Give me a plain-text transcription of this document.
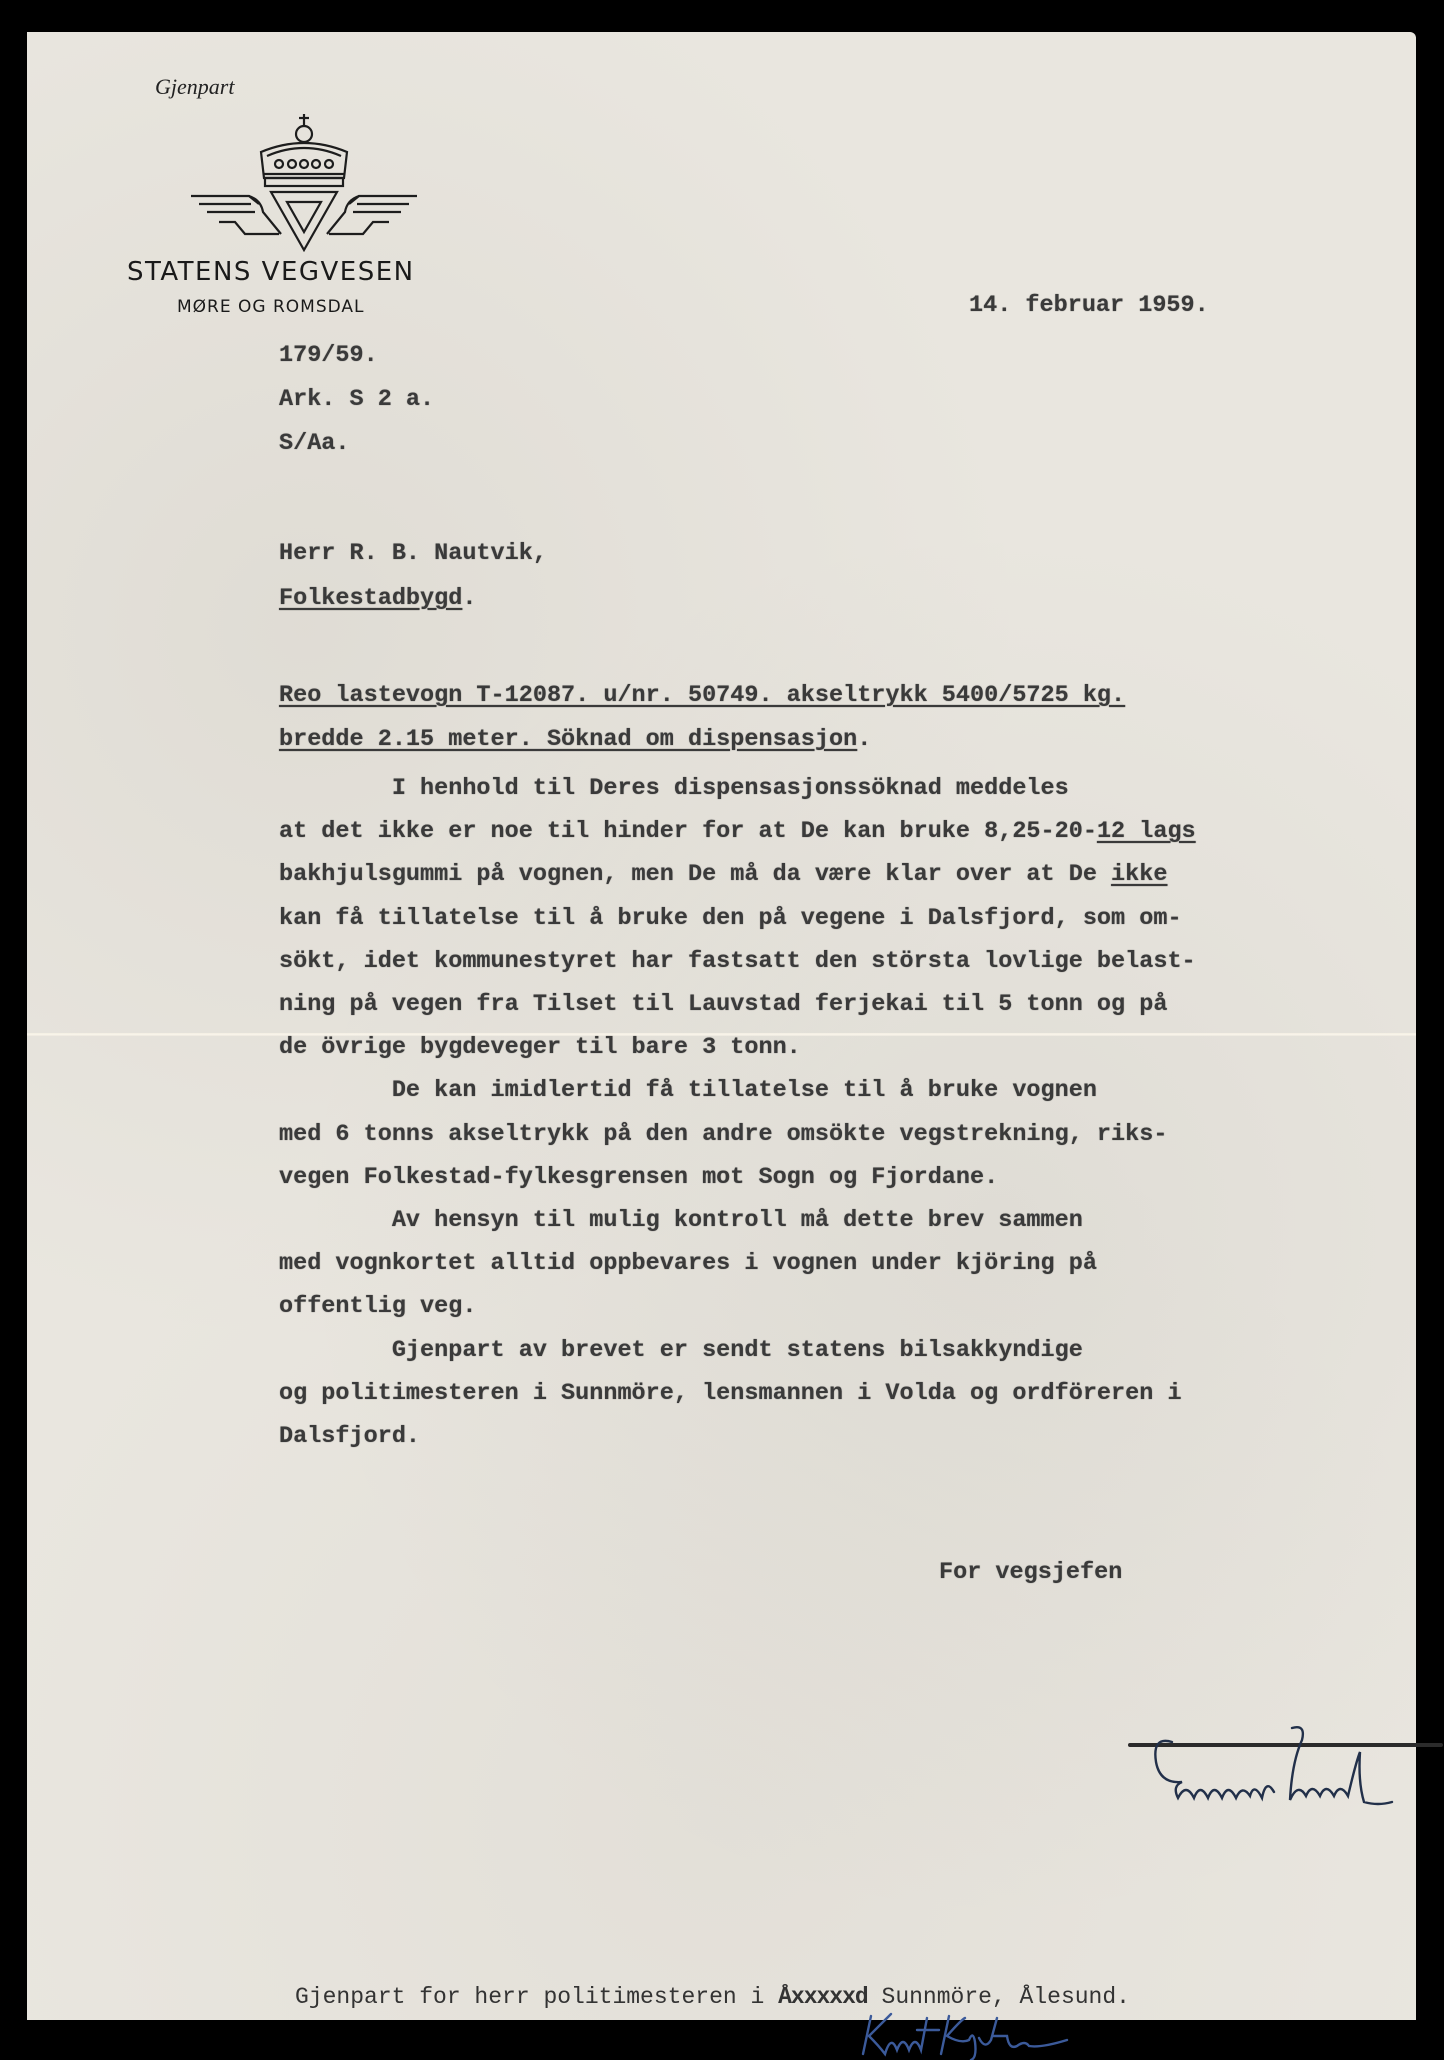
Gjenpart
STATENS VEGVESEN
MØRE OG ROMSDAL	14. februar 1959.
179/59.
Ark. S 2 a.
S/Aa.
Herr R. B. Nautvik,
Folkestadbygd.
Reo lastevogn T-12087. u/nr. 50749. akseltrykk 5400/5725 kg.
bredde 2.15 meter. Söknad om dispensasjon.
I henhold til Deres dispensasjonssöknad meddeles
at det ikke er noe til hinder for at De kan bruke 8,25-20-12 lags
bakhjulsgummi på vognen, men De må da være klar over at De ikke
kan få tillatelse til å bruke den på vegene i Dalsfjord, som om-
sökt, idet kommunestyret har fastsatt den största lovlige belast-
ning på vegen fra Tilset til Lauvstad ferjekai til 5 tonn og på
de övrige bygdeveger til bare 3 tonn.
De kan imidlertid få tillatelse til å bruke vognen
med 6 tonns akseltrykk på den andre omsökte vegstrekning, riks-
vegen Folkestad-fylkesgrensen mot Sogn og Fjordane.
Av hensyn til mulig kontroll må dette brev sammen
med vognkortet alltid oppbevares i vognen under kjöring på
offentlig veg.
Gjenpart av brevet er sendt statens bilsakkyndige
og politimesteren i Sunnmöre, lensmannen i Volda og ordföreren i
Dalsfjord.
For vegsjefen
Gjenpart for herr politimesteren i Åxxxxxd Sunnmöre, Ålesund.
